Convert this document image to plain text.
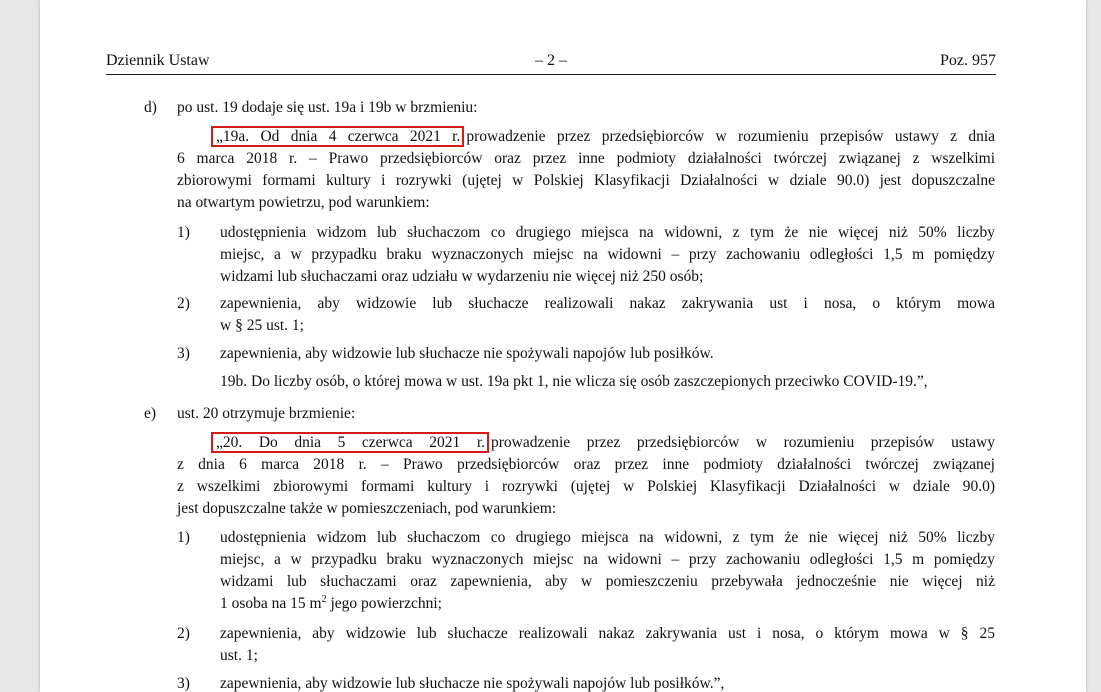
Dziennik Ustaw	– 2 –	Poz. 957
d) po ust. 19 dodaje się ust. 19a i 19b w brzmieniu:
„19a. Od dnia 4 czerwca 2021 r. prowadzenie przez przedsiębiorców w rozumieniu przepisów ustawy z dnia
6 marca 2018 r. – Prawo przedsiębiorców oraz przez inne podmioty działalności twórczej związanej z wszelkimi
zbiorowymi formami kultury i rozrywki (ujętej w Polskiej Klasyfikacji Działalności w dziale 90.0) jest dopuszczalne
na otwartym powietrzu, pod warunkiem:
1) udostępnienia widzom lub słuchaczom co drugiego miejsca na widowni, z tym że nie więcej niż 50% liczby
miejsc, a w przypadku braku wyznaczonych miejsc na widowni – przy zachowaniu odległości 1,5 m pomiędzy
widzami lub słuchaczami oraz udziału w wydarzeniu nie więcej niż 250 osób;
2) zapewnienia, aby widzowie lub słuchacze realizowali nakaz zakrywania ust i nosa, o którym mowa
w § 25 ust. 1;
3) zapewnienia, aby widzowie lub słuchacze nie spożywali napojów lub posiłków.
19b. Do liczby osób, o której mowa w ust. 19a pkt 1, nie wlicza się osób zaszczepionych przeciwko COVID-19.”,
e) ust. 20 otrzymuje brzmienie:
„20. Do dnia 5 czerwca 2021 r. prowadzenie przez przedsiębiorców w rozumieniu przepisów ustawy
z dnia 6 marca 2018 r. – Prawo przedsiębiorców oraz przez inne podmioty działalności twórczej związanej
z wszelkimi zbiorowymi formami kultury i rozrywki (ujętej w Polskiej Klasyfikacji Działalności w dziale 90.0)
jest dopuszczalne także w pomieszczeniach, pod warunkiem:
1) udostępnienia widzom lub słuchaczom co drugiego miejsca na widowni, z tym że nie więcej niż 50% liczby
miejsc, a w przypadku braku wyznaczonych miejsc na widowni – przy zachowaniu odległości 1,5 m pomiędzy
widzami lub słuchaczami oraz zapewnienia, aby w pomieszczeniu przebywała jednocześnie nie więcej niż
1 osoba na 15 $m^2$ jego powierzchni;
2) zapewnienia, aby widzowie lub słuchacze realizowali nakaz zakrywania ust i nosa, o którym mowa w § 25
ust. 1;
3) zapewnienia, aby widzowie lub słuchacze nie spożywali napojów lub posiłków.”,
